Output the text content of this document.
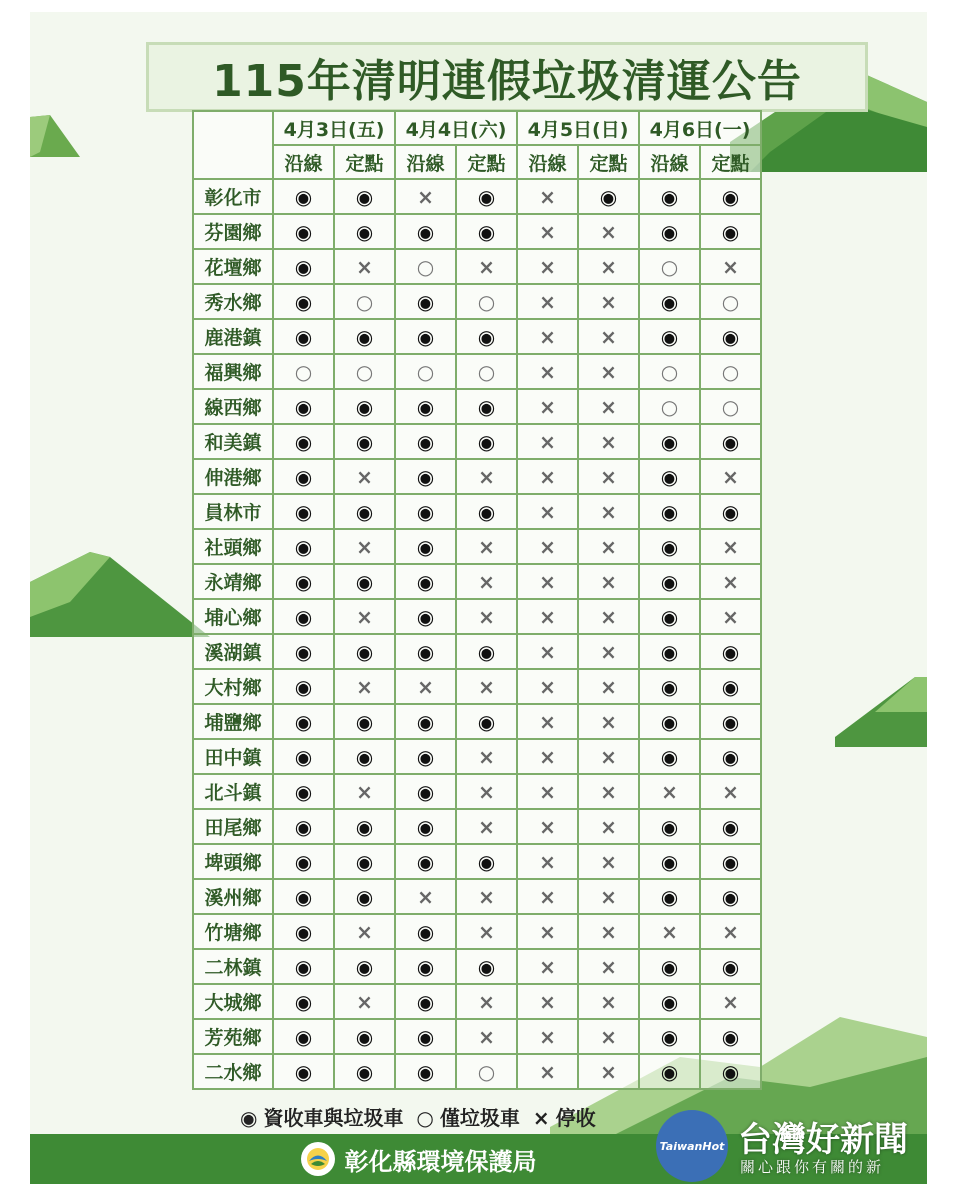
115年清明連假垃圾清運公告
	4月3日(五)		4月4日(六)		4月5日(日)		4月6日(一)	
	沿線	定點	沿線	定點	沿線	定點	沿線	定點
彰化市	◉	◉	×	◉	×	◉	◉	◉
芬園鄉	◉	◉	◉	◉	×	×	◉	◉
花壇鄉	◉	×	○	×	×	×	○	×
秀水鄉	◉	○	◉	○	×	×	◉	○
鹿港鎮	◉	◉	◉	◉	×	×	◉	◉
福興鄉	○	○	○	○	×	×	○	○
線西鄉	◉	◉	◉	◉	×	×	○	○
和美鎮	◉	◉	◉	◉	×	×	◉	◉
伸港鄉	◉	×	◉	×	×	×	◉	×
員林市	◉	◉	◉	◉	×	×	◉	◉
社頭鄉	◉	×	◉	×	×	×	◉	×
永靖鄉	◉	◉	◉	×	×	×	◉	×
埔心鄉	◉	×	◉	×	×	×	◉	×
溪湖鎮	◉	◉	◉	◉	×	×	◉	◉
大村鄉	◉	×	×	×	×	×	◉	◉
埔鹽鄉	◉	◉	◉	◉	×	×	◉	◉
田中鎮	◉	◉	◉	×	×	×	◉	◉
北斗鎮	◉	×	◉	×	×	×	×	×
田尾鄉	◉	◉	◉	×	×	×	◉	◉
埤頭鄉	◉	◉	◉	◉	×	×	◉	◉
溪州鄉	◉	◉	×	×	×	×	◉	◉
竹塘鄉	◉	×	◉	×	×	×	×	×
二林鎮	◉	◉	◉	◉	×	×	◉	◉
大城鄉	◉	×	◉	×	×	×	◉	×
芳苑鄉	◉	◉	◉	×	×	×	◉	◉
二水鄉	◉	◉	◉	○	×	×	◉	◉
◉ 資收車與垃圾車 ○ 僅垃圾車 × 停收
彰化縣環境保護局
TaiwanHot 台灣好新聞
關心跟你有關的新
